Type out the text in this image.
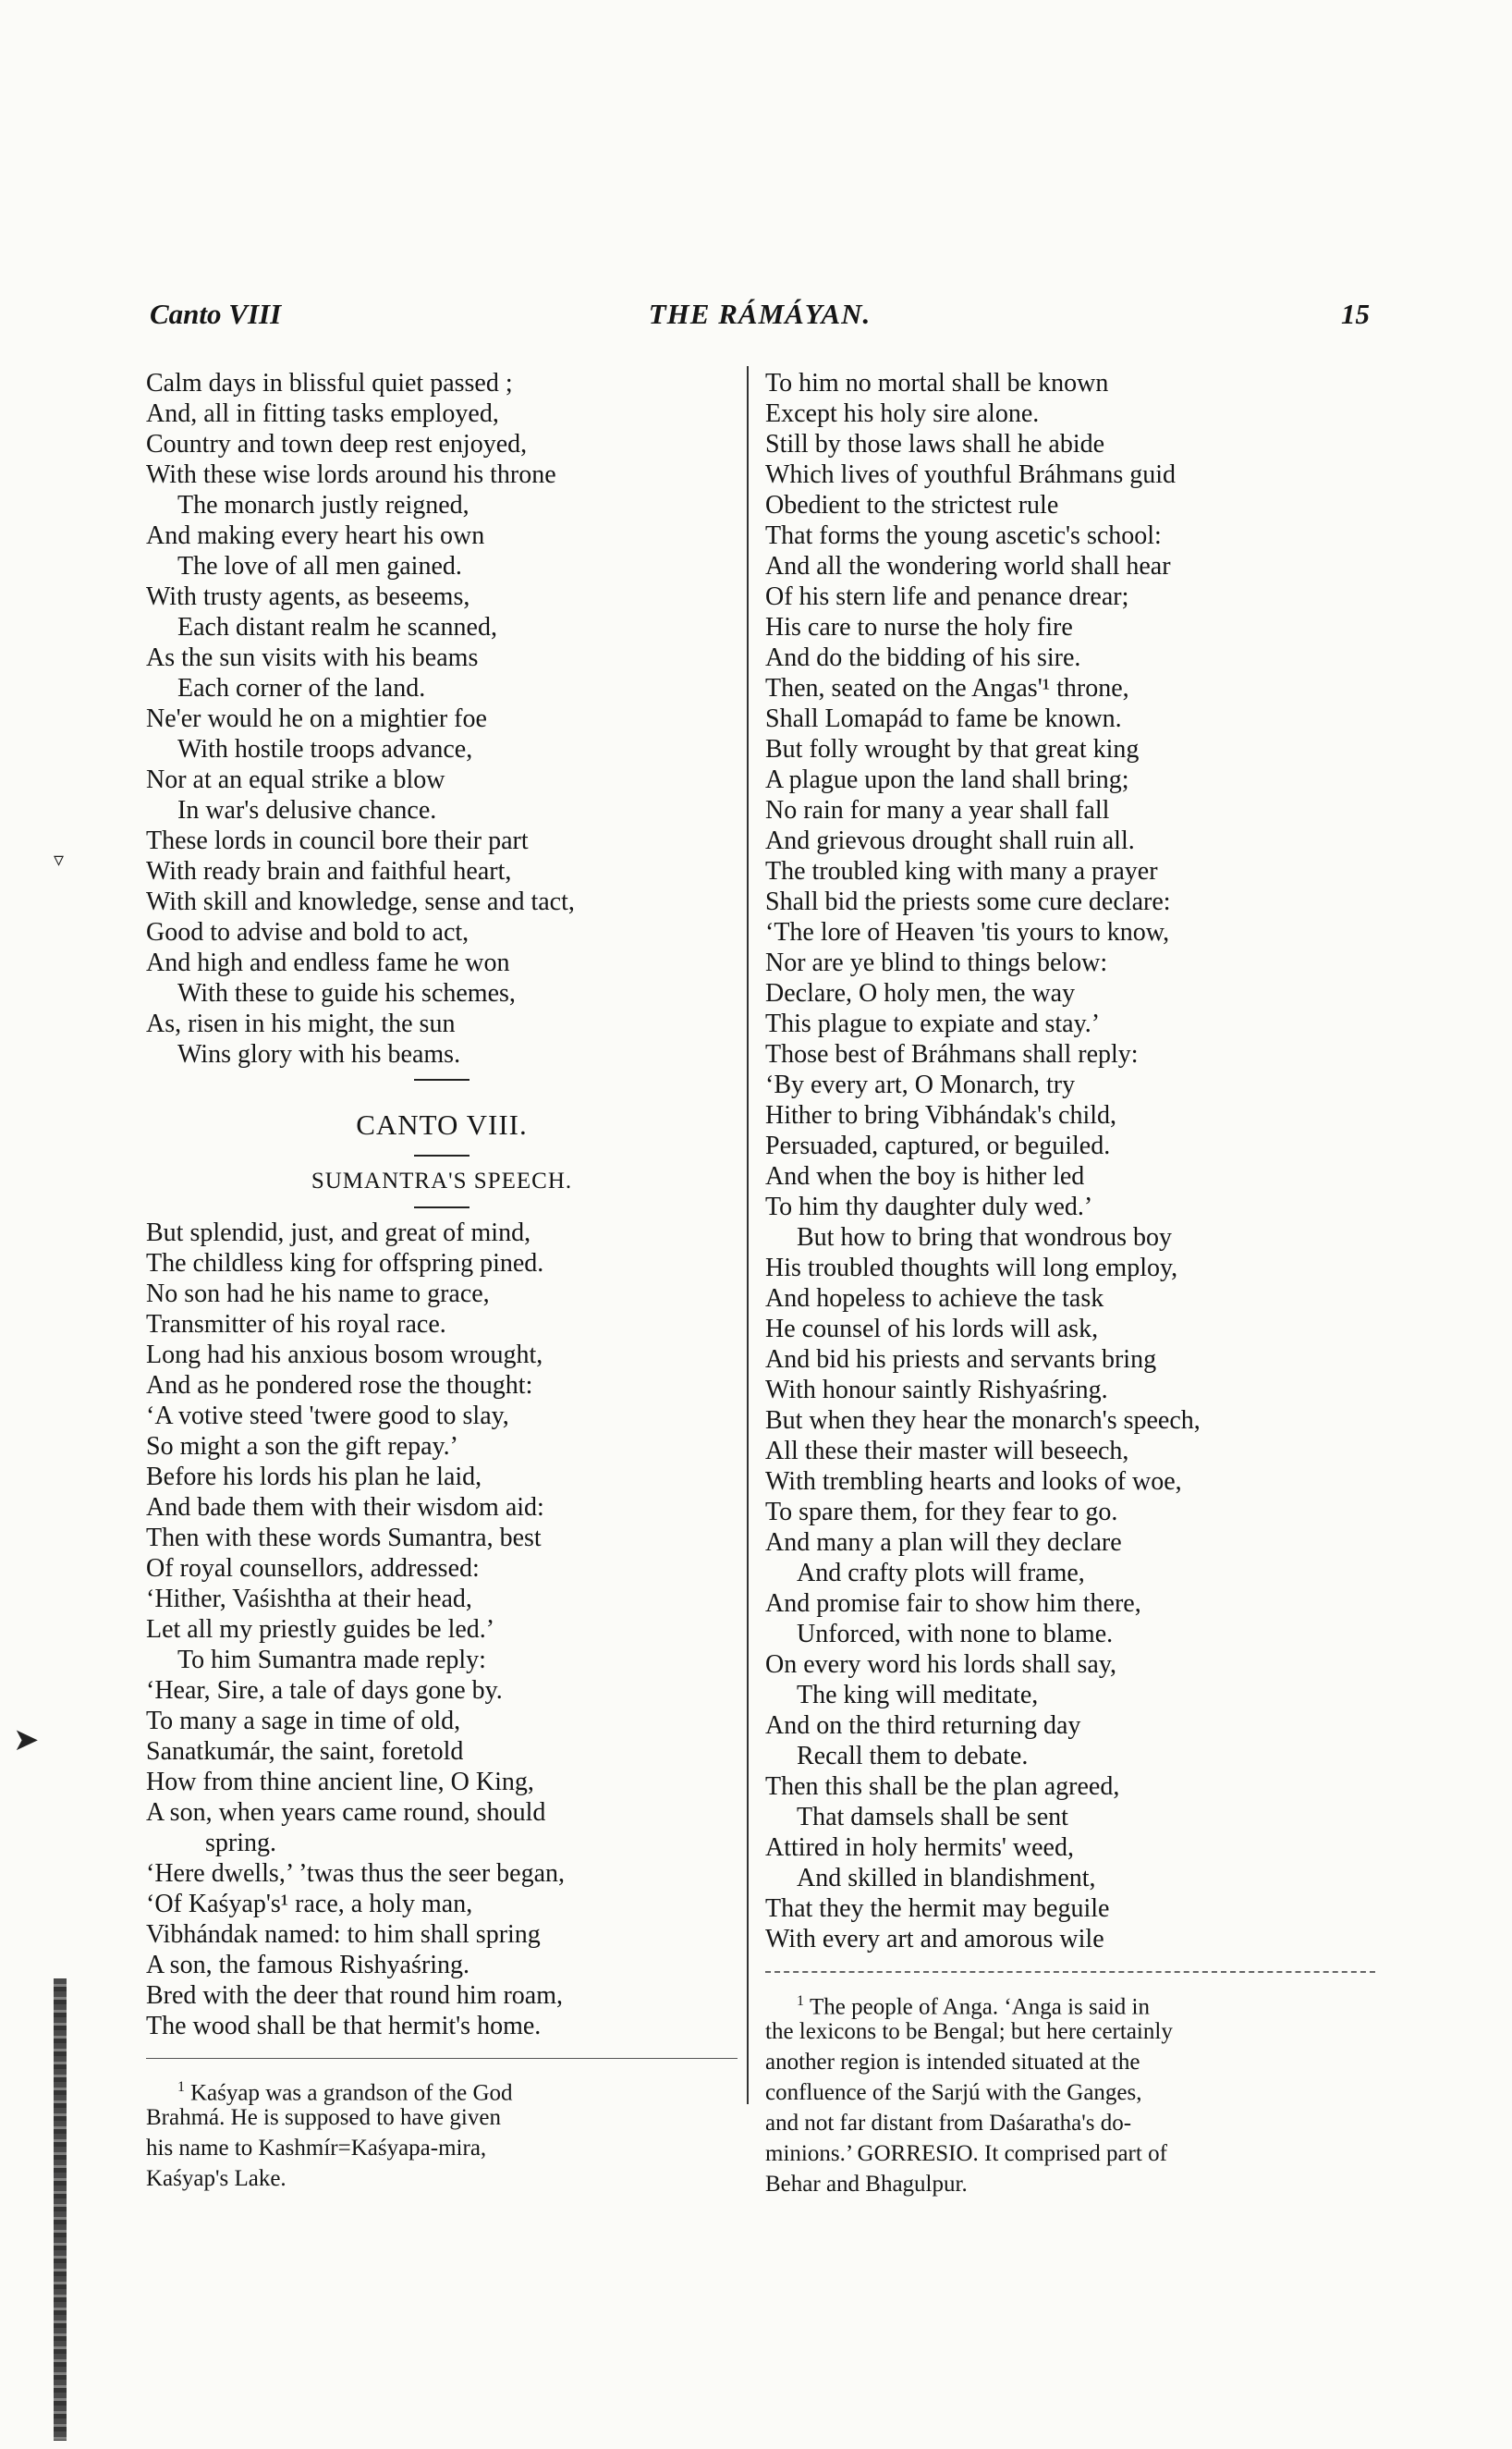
Canto VIII	THE RÁMÁYAN.	15
Calm days in blissful quiet passed ;
And, all in fitting tasks employed,
Country and town deep rest enjoyed,
With these wise lords around his throne
The monarch justly reigned,
And making every heart his own
The love of all men gained.
With trusty agents, as beseems,
Each distant realm he scanned,
As the sun visits with his beams
Each corner of the land.
Ne'er would he on a mightier foe
With hostile troops advance,
Nor at an equal strike a blow
In war's delusive chance.
These lords in council bore their part
With ready brain and faithful heart,
With skill and knowledge, sense and tact,
Good to advise and bold to act,
And high and endless fame he won
With these to guide his schemes,
As, risen in his might, the sun
Wins glory with his beams.
CANTO VIII.
SUMANTRA'S SPEECH.
But splendid, just, and great of mind,
The childless king for offspring pined.
No son had he his name to grace,
Transmitter of his royal race.
Long had his anxious bosom wrought,
And as he pondered rose the thought:
‘A votive steed 'twere good to slay,
So might a son the gift repay.’
Before his lords his plan he laid,
And bade them with their wisdom aid:
Then with these words Sumantra, best
Of royal counsellors, addressed:
‘Hither, Vaśishtha at their head,
Let all my priestly guides be led.’
To him Sumantra made reply:
‘Hear, Sire, a tale of days gone by.
To many a sage in time of old,
Sanatkumár, the saint, foretold
How from thine ancient line, O King,
A son, when years came round, should
spring.
‘Here dwells,’ ’twas thus the seer began,
‘Of Kaśyap's¹ race, a holy man,
Vibhándak named: to him shall spring
A son, the famous Rishyaśring.
Bred with the deer that round him roam,
The wood shall be that hermit's home.
$^1$ Kaśyap was a grandson of the God
Brahmá. He is supposed to have given
his name to Kashmír=Kaśyapa-mira,
Kaśyap's Lake.
To him no mortal shall be known
Except his holy sire alone.
Still by those laws shall he abide
Which lives of youthful Bráhmans guid
Obedient to the strictest rule
That forms the young ascetic's school:
And all the wondering world shall hear
Of his stern life and penance drear;
His care to nurse the holy fire
And do the bidding of his sire.
Then, seated on the Angas'¹ throne,
Shall Lomapád to fame be known.
But folly wrought by that great king
A plague upon the land shall bring;
No rain for many a year shall fall
And grievous drought shall ruin all.
The troubled king with many a prayer
Shall bid the priests some cure declare:
‘The lore of Heaven 'tis yours to know,
Nor are ye blind to things below:
Declare, O holy men, the way
This plague to expiate and stay.’
Those best of Bráhmans shall reply:
‘By every art, O Monarch, try
Hither to bring Vibhándak's child,
Persuaded, captured, or beguiled.
And when the boy is hither led
To him thy daughter duly wed.’
But how to bring that wondrous boy
His troubled thoughts will long employ,
And hopeless to achieve the task
He counsel of his lords will ask,
And bid his priests and servants bring
With honour saintly Rishyaśring.
But when they hear the monarch's speech,
All these their master will beseech,
With trembling hearts and looks of woe,
To spare them, for they fear to go.
And many a plan will they declare
And crafty plots will frame,
And promise fair to show him there,
Unforced, with none to blame.
On every word his lords shall say,
The king will meditate,
And on the third returning day
Recall them to debate.
Then this shall be the plan agreed,
That damsels shall be sent
Attired in holy hermits' weed,
And skilled in blandishment,
That they the hermit may beguile
With every art and amorous wile
$^1$ The people of Anga. ‘Anga is said in
the lexicons to be Bengal; but here certainly
another region is intended situated at the
confluence of the Sarjú with the Ganges,
and not far distant from Daśaratha's do-
minions.’ GORRESIO. It comprised part of
Behar and Bhagulpur.
▿
➤
